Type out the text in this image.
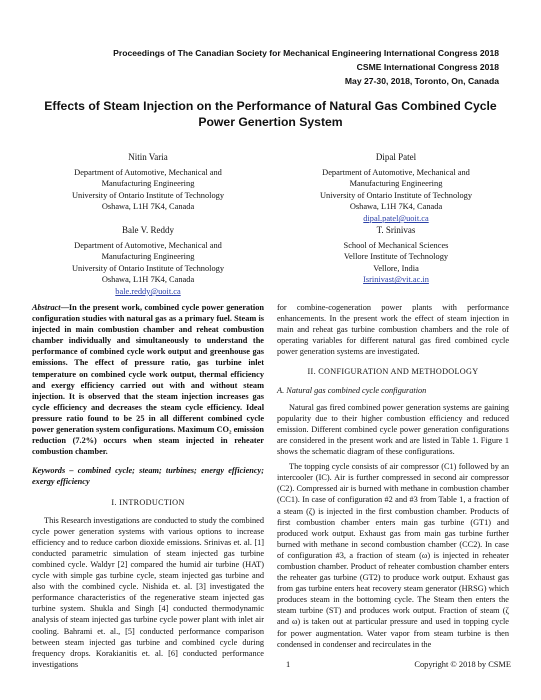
Proceedings of The Canadian Society for Mechanical Engineering International Congress 2018
CSME International Congress 2018
May 27-30, 2018, Toronto, On, Canada
Effects of Steam Injection on the Performance of Natural Gas Combined Cycle Power Genertion System
Nitin Varia
Department of Automotive, Mechanical and
Manufacturing Engineering
University of Ontario Institute of Technology
Oshawa, L1H 7K4, Canada
Dipal Patel
Department of Automotive, Mechanical and
Manufacturing Engineering
University of Ontario Institute of Technology
Oshawa, L1H 7K4, Canada
dipal.patel@uoit.ca
Bale V. Reddy
Department of Automotive, Mechanical and
Manufacturing Engineering
University of Ontario Institute of Technology
Oshawa, L1H 7K4, Canada
bale.reddy@uoit.ca
T. Srinivas
School of Mechanical Sciences
Vellore Institute of Technology
Vellore, India
Isrinivast@vit.ac.in

Abstract—In the present work, combined cycle power generation configuration studies with natural gas as a primary fuel. Steam is injected in main combustion chamber and reheat combustion chamber individually and simultaneously to understand the performance of combined cycle work output and greenhouse gas emissions. The effect of pressure ratio, gas turbine inlet temperature on combined cycle work output, thermal efficiency and exergy efficiency carried out with and without steam injection. It is observed that the steam injection increases gas cycle efficiency and decreases the steam cycle efficiency. Ideal pressure ratio found to be 25 in all different combined cycle power generation system configurations. Maximum CO₂ emission reduction (7.2%) occurs when steam injected in reheater combustion chamber.

Keywords – combined cycle; steam; turbines; energy efficiency; exergy efficiency

I. INTRODUCTION

This Research investigations are conducted to study the combined cycle power generation systems with various options to increase efficiency and to reduce carbon dioxide emissions. Srinivas et. al. [1] conducted parametric simulation of steam injected gas turbine combined cycle. Waldyr [2] compared the humid air turbine (HAT) cycle with simple gas turbine cycle, steam injected gas turbine and also with the combined cycle. Nishida et. al. [3] investigated the performance characteristics of the regenerative steam injected gas turbine system. Shukla and Singh [4] conducted thermodynamic analysis of steam injected gas turbine cycle power plant with inlet air cooling. Bahrami et. al., [5] conducted performance comparison between steam injected gas turbine and combined cycle during frequency drops. Korakianitis et. al. [6] conducted performance investigations

for combine-cogeneration power plants with performance enhancements. In the present work the effect of steam injection in main and reheat gas turbine combustion chambers and the role of operating variables for different natural gas fired combined cycle power generation systems are investigated.

II. CONFIGURATION AND METHODOLOGY
A. Natural gas combined cycle configuration

Natural gas fired combined power generation systems are gaining popularity due to their higher combustion efficiency and reduced emission. Different combined cycle power generation configurations are considered in the present work and are listed in Table 1. Figure 1 shows the schematic diagram of these configurations.

The topping cycle consists of air compressor (C1) followed by an intercooler (IC). Air is further compressed in second air compressor (C2). Compressed air is burned with methane in combustion chamber (CC1). In case of configuration #2 and #3 from Table 1, a fraction of a steam (ζ) is injected in the first combustion chamber. Products of first combustion chamber enters main gas turbine (GT1) and produced work output. Exhaust gas from main gas turbine further burned with methane in second combustion chamber (CC2). In case of configuration #3, a fraction of steam (ω) is injected in reheater combustion chamber. Product of reheater combustion chamber enters the reheater gas turbine (GT2) to produce work output. Exhaust gas from gas turbine enters heat recovery steam generator (HRSG) which produces steam in the bottoming cycle. The Steam then enters the steam turbine (ST) and produces work output. Fraction of steam (ζ and ω) is taken out at particular pressure and used in topping cycle for power augmentation. Water vapor from steam turbine is then condensed in condenser and recirculates in the

1	Copyright © 2018 by CSME
